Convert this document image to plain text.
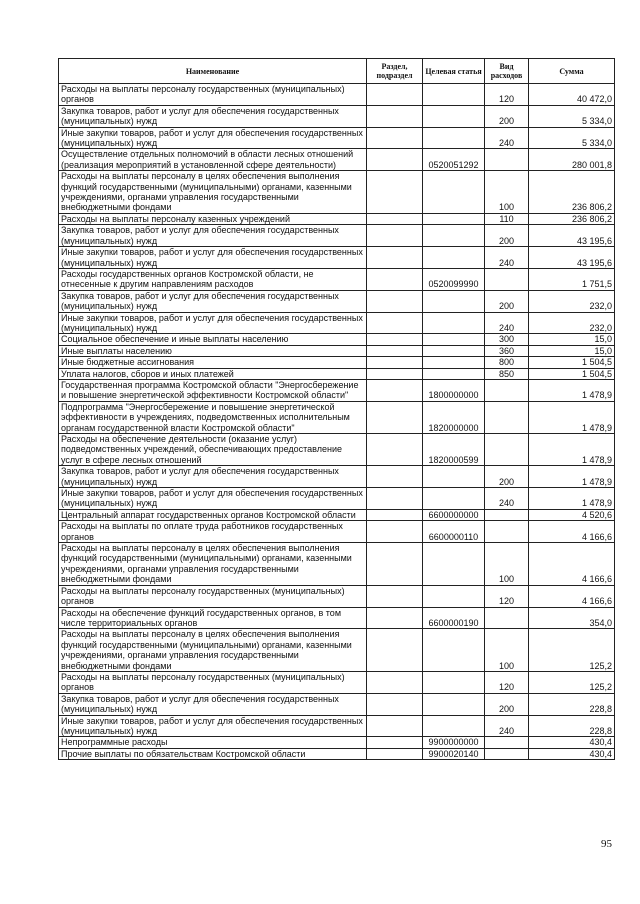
Наименование	Раздел, подраздел	Целевая статья	Вид расходов	Сумма
Расходы на выплаты персоналу государственных (муниципальных) органов			120	40 472,0
Закупка товаров, работ и услуг для обеспечения государственных (муниципальных) нужд			200	5 334,0
Иные закупки товаров, работ и услуг для обеспечения государственных (муниципальных) нужд			240	5 334,0
Осуществление отдельных полномочий в области лесных отношений (реализация мероприятий в установленной сфере деятельности)		0520051292		280 001,8
Расходы на выплаты персоналу в целях обеспечения выполнения функций государственными (муниципальными) органами, казенными учреждениями, органами управления государственными внебюджетными фондами			100	236 806,2
Расходы на выплаты персоналу казенных учреждений			110	236 806,2
Закупка товаров, работ и услуг для обеспечения государственных (муниципальных) нужд			200	43 195,6
Иные закупки товаров, работ и услуг для обеспечения государственных (муниципальных) нужд			240	43 195,6
Расходы государственных органов Костромской области, не отнесенные к другим направлениям расходов		0520099990		1 751,5
Закупка товаров, работ и услуг для обеспечения государственных (муниципальных) нужд			200	232,0
Иные закупки товаров, работ и услуг для обеспечения государственных (муниципальных) нужд			240	232,0
Социальное обеспечение и иные выплаты населению			300	15,0
Иные выплаты населению			360	15,0
Иные бюджетные ассигнования			800	1 504,5
Уплата налогов, сборов и иных платежей			850	1 504,5
Государственная программа Костромской области "Энергосбережение и повышение энергетической эффективности Костромской области"		1800000000		1 478,9
Подпрограмма "Энергосбережение и повышение энергетической эффективности в учреждениях, подведомственных исполнительным органам государственной власти Костромской области"		1820000000		1 478,9
Расходы на обеспечение деятельности (оказание услуг) подведомственных учреждений, обеспечивающих предоставление услуг в сфере лесных отношений		1820000599		1 478,9
Закупка товаров, работ и услуг для обеспечения государственных (муниципальных) нужд			200	1 478,9
Иные закупки товаров, работ и услуг для обеспечения государственных (муниципальных) нужд			240	1 478,9
Центральный аппарат государственных органов Костромской области		6600000000		4 520,6
Расходы на выплаты по оплате труда работников государственных органов		6600000110		4 166,6
Расходы на выплаты персоналу в целях обеспечения выполнения функций государственными (муниципальными) органами, казенными учреждениями, органами управления государственными внебюджетными фондами			100	4 166,6
Расходы на выплаты персоналу государственных (муниципальных) органов			120	4 166,6
Расходы на обеспечение функций государственных органов, в том числе территориальных органов		6600000190		354,0
Расходы на выплаты персоналу в целях обеспечения выполнения функций государственными (муниципальными) органами, казенными учреждениями, органами управления государственными внебюджетными фондами			100	125,2
Расходы на выплаты персоналу государственных (муниципальных) органов			120	125,2
Закупка товаров, работ и услуг для обеспечения государственных (муниципальных) нужд			200	228,8
Иные закупки товаров, работ и услуг для обеспечения государственных (муниципальных) нужд			240	228,8
Непрограммные расходы		9900000000		430,4
Прочие выплаты по обязательствам Костромской области		9900020140		430,4
95
